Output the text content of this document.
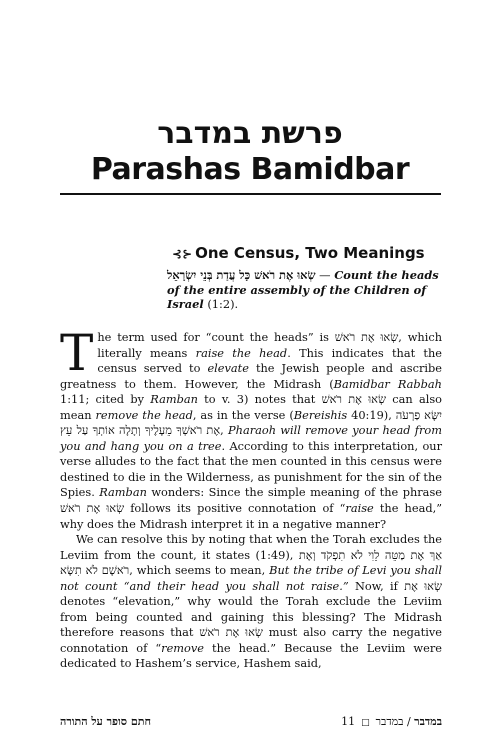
פרשת במדבר
Parashas Bamidbar
⊰⊱ One Census, Two Meanings
שְׂאוּ אֶת רֹאשׁ כָּל עֲדַת בְּנֵי יִשְׂרָאֵל — Count the heads of the entire assembly of the Children of Israel (1:2).

The term used for “count the heads” is שְׂאוּ אֶת רֹאשׁ, which literally means raise the head. This indicates that the census served to elevate the Jewish people and ascribe greatness to them. However, the Midrash (Bamidbar Rabbah 1:11; cited by Ramban to v. 3) notes that שְׂאוּ אֶת רֹאשׁ can also mean remove the head, as in the verse (Bereishis 40:19), יִשָּׂא פַרְעֹה אֶת רֹאשְׁךָ מֵעָלֶיךָ וְתָלָה אוֹתְךָ עַל עֵץ, Pharaoh will remove your head from you and hang you on a tree. According to this interpretation, our verse alludes to the fact that the men counted in this census were destined to die in the Wilderness, as punishment for the sin of the Spies. Ramban wonders: Since the simple meaning of the phrase שְׂאוּ אֶת רֹאשׁ follows its positive connotation of “raise the head,” why does the Midrash interpret it in a negative manner?

We can resolve this by noting that when the Torah excludes the Leviim from the count, it states (1:49), אַךְ אֶת מַטֵּה לֵוִי לֹא תִפְקֹד וְאֶת רֹאשָׁם לֹא תִשָּׂא, which seems to mean, But the tribe of Levi you shall not count “and their head you shall not raise.” Now, if שְׂאוּ אֶת denotes “elevation,” why would the Torah exclude the Leviim from being counted and gaining this blessing? The Midrash therefore reasons that שְׂאוּ אֶת רֹאשׁ must also carry the negative connotation of “remove the head.” Because the Leviim were dedicated to Hashem’s service, Hashem said,

חתם סופר על התורה	11 □	במדבר / במדבר
